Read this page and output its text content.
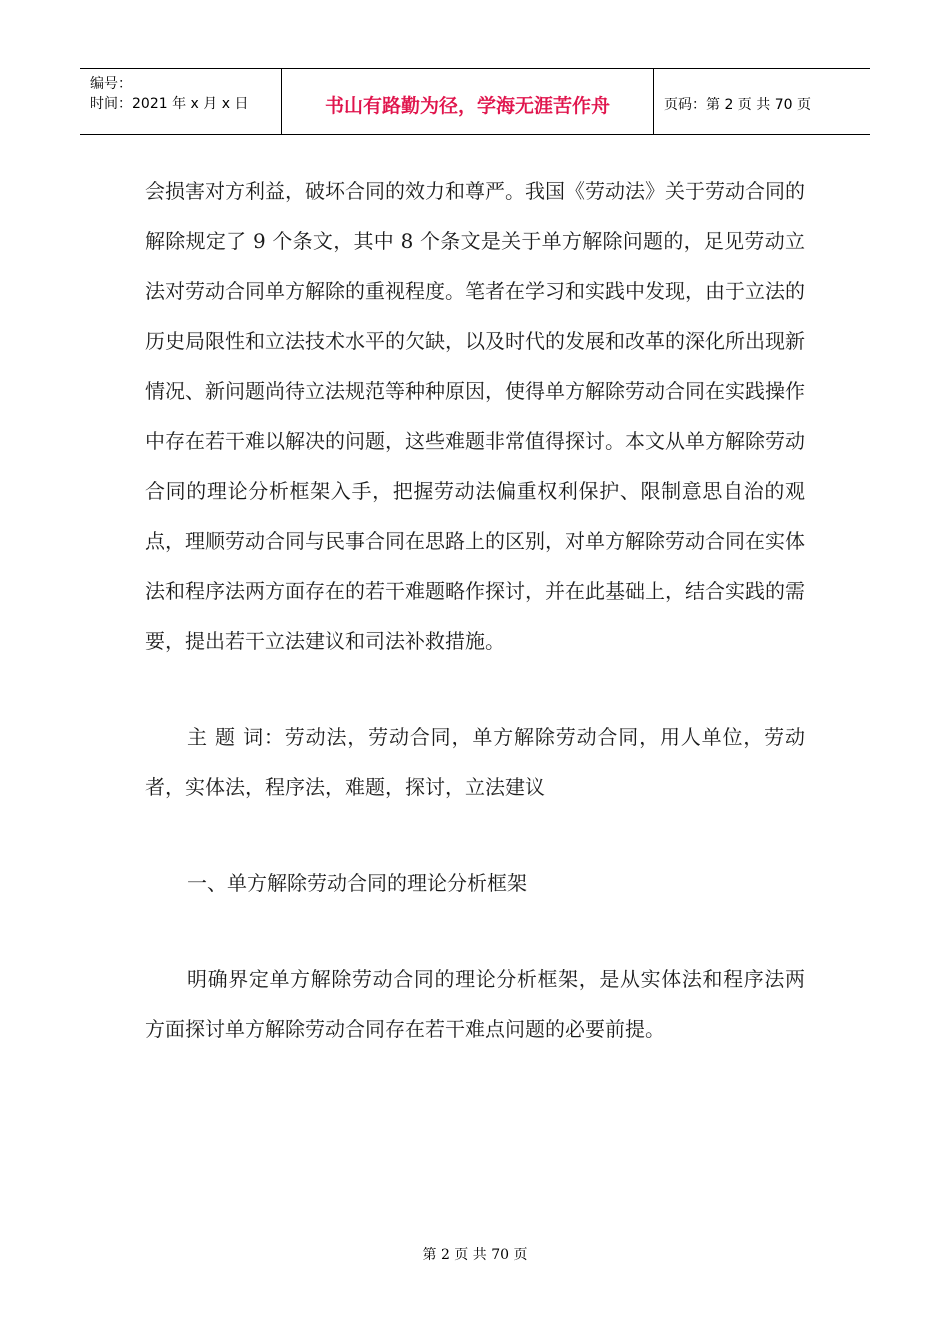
编号：
时间：2021 年 x 月 x 日	书山有路勤为径，学海无涯苦作舟	页码：第 2 页 共 70 页

会损害对方利益，破坏合同的效力和尊严。我国《劳动法》关于劳动合同的解除规定了 9 个条文，其中 8 个条文是关于单方解除问题的，足见劳动立法对劳动合同单方解除的重视程度。笔者在学习和实践中发现，由于立法的历史局限性和立法技术水平的欠缺，以及时代的发展和改革的深化所出现新情况、新问题尚待立法规范等种种原因，使得单方解除劳动合同在实践操作中存在若干难以解决的问题，这些难题非常值得探讨。本文从单方解除劳动合同的理论分析框架入手，把握劳动法偏重权利保护、限制意思自治的观点，理顺劳动合同与民事合同在思路上的区别，对单方解除劳动合同在实体法和程序法两方面存在的若干难题略作探讨，并在此基础上，结合实践的需要，提出若干立法建议和司法补救措施。

主 题 词：劳动法，劳动合同，单方解除劳动合同，用人单位，劳动者，实体法，程序法，难题，探讨，立法建议

一、单方解除劳动合同的理论分析框架

明确界定单方解除劳动合同的理论分析框架，是从实体法和程序法两方面探讨单方解除劳动合同存在若干难点问题的必要前提。

第 2 页 共 70 页
